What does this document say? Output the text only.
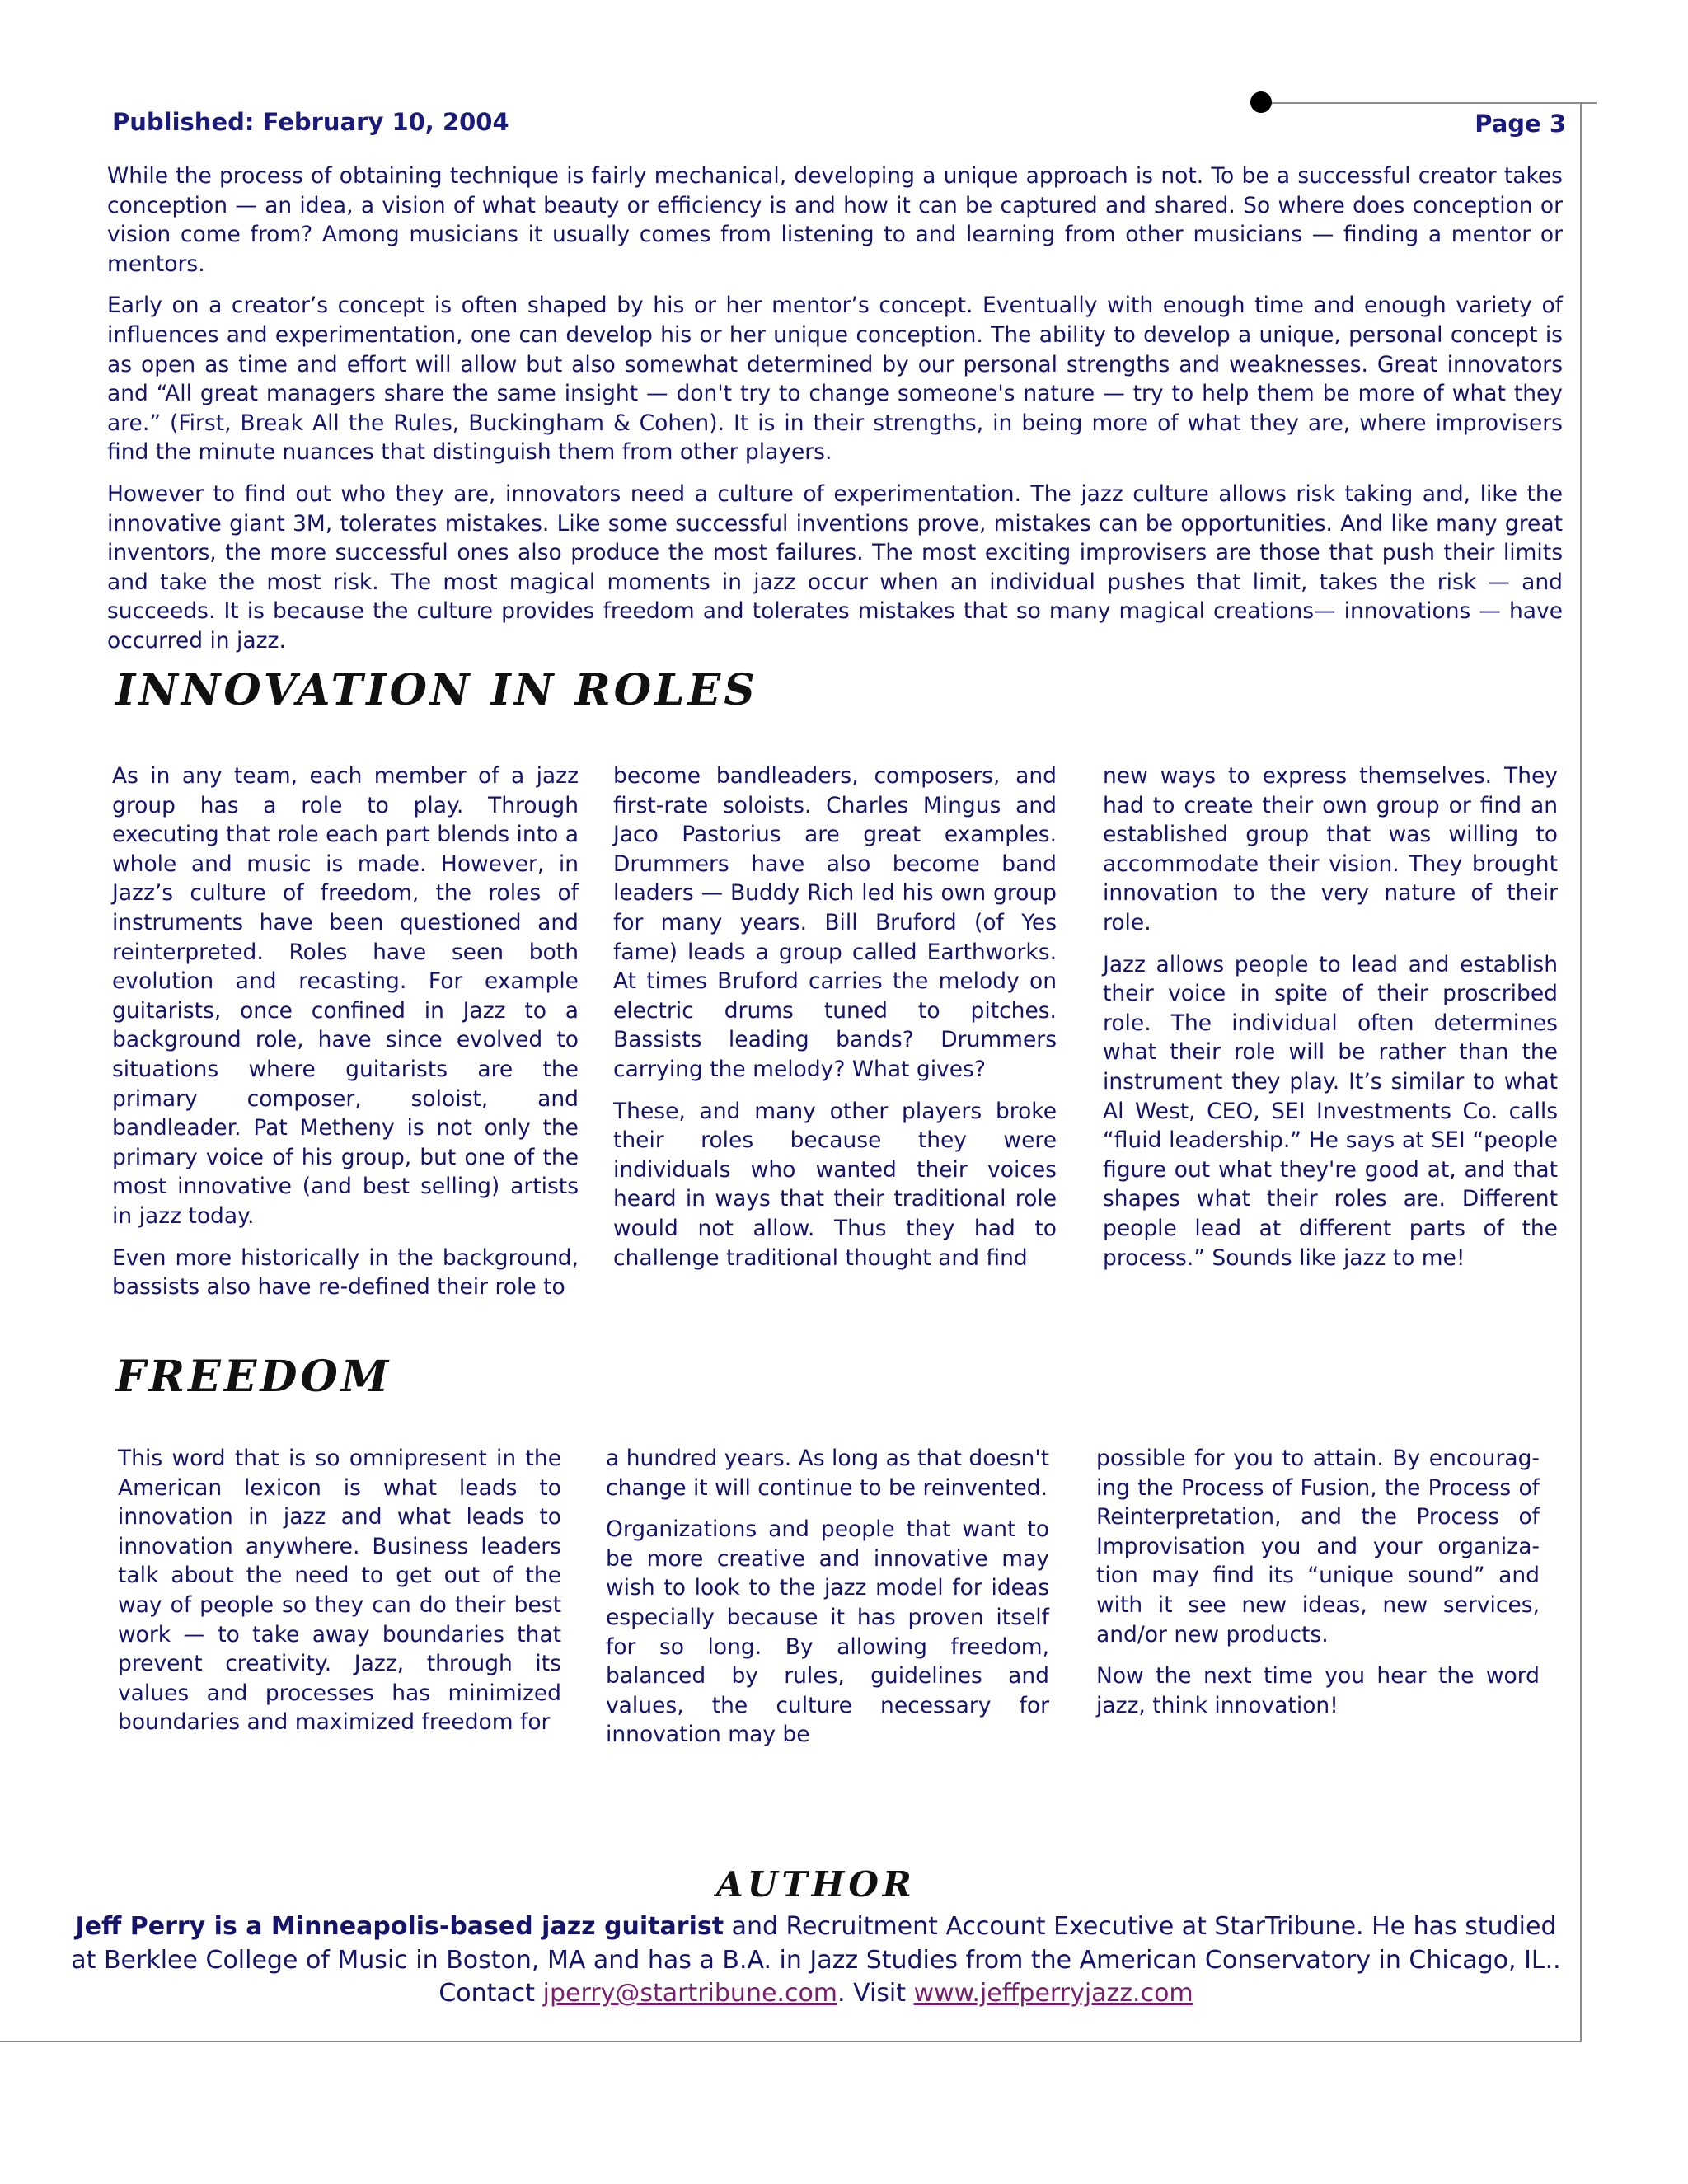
Published: February 10, 2004	Page 3

While the process of obtaining technique is fairly mechanical, developing a unique approach is not. To be a successful creator takes conception — an idea, a vision of what beauty or efficiency is and how it can be captured and shared. So where does conception or vision come from? Among musicians it usually comes from listening to and learning from other musicians — finding a mentor or mentors.

Early on a creator’s concept is often shaped by his or her mentor’s concept. Eventually with enough time and enough variety of influences and experimentation, one can develop his or her unique conception. The ability to develop a unique, personal concept is as open as time and effort will allow but also somewhat determined by our personal strengths and weaknesses. Great innovators and “All great managers share the same insight — don't try to change someone's nature — try to help them be more of what they are.” (First, Break All the Rules, Buckingham & Cohen). It is in their strengths, in being more of what they are, where improvisers find the minute nuances that distinguish them from other players.

However to find out who they are, innovators need a culture of experimentation. The jazz culture allows risk taking and, like the innovative giant 3M, tolerates mistakes. Like some successful inventions prove, mistakes can be opportunities. And like many great inventors, the more successful ones also produce the most failures. The most exciting improvisers are those that push their limits and take the most risk. The most magical moments in jazz occur when an individual pushes that limit, takes the risk — and succeeds. It is because the culture provides freedom and tolerates mistakes that so many magical creations— innovations — have occurred in jazz.

INNOVATION IN ROLES

As in any team, each member of a jazz group has a role to play. Through executing that role each part blends into a whole and music is made. However, in Jazz’s culture of freedom, the roles of instruments have been questioned and reinterpreted. Roles have seen both evolution and recasting. For example guitarists, once confined in Jazz to a background role, have since evolved to situations where guitarists are the primary composer, soloist, and bandleader. Pat Metheny is not only the primary voice of his group, but one of the most innovative (and best selling) artists in jazz today.

Even more historically in the background, bassists also have re-defined their role to

become bandleaders, composers, and first-rate soloists. Charles Mingus and Jaco Pastorius are great examples. Drummers have also become band leaders — Buddy Rich led his own group for many years. Bill Bruford (of Yes fame) leads a group called Earthworks. At times Bruford carries the melody on electric drums tuned to pitches. Bassists leading bands? Drummers carrying the melody? What gives?

These, and many other players broke their roles because they were individuals who wanted their voices heard in ways that their traditional role would not allow. Thus they had to challenge traditional thought and find

new ways to express themselves. They had to create their own group or find an established group that was willing to accommodate their vision. They brought innovation to the very nature of their role.

Jazz allows people to lead and establish their voice in spite of their proscribed role. The individual often determines what their role will be rather than the instrument they play. It’s similar to what Al West, CEO, SEI Investments Co. calls “fluid leadership.” He says at SEI “people figure out what they're good at, and that shapes what their roles are. Different people lead at different parts of the process.” Sounds like jazz to me!

FREEDOM

This word that is so omnipresent in the American lexicon is what leads to innovation in jazz and what leads to innovation anywhere. Business leaders talk about the need to get out of the way of people so they can do their best work — to take away boundaries that prevent creativity. Jazz, through its values and processes has minimized boundaries and maximized freedom for

a hundred years. As long as that doesn't change it will continue to be reinvented.

Organizations and people that want to be more creative and innovative may wish to look to the jazz model for ideas especially because it has proven itself for so long. By allowing freedom, balanced by rules, guidelines and values, the culture necessary for innovation may be

possible for you to attain. By encourag-ing the Process of Fusion, the Process of Reinterpretation, and the Process of Improvisation you and your organiza-tion may find its “unique sound” and with it see new ideas, new services, and/or new products.

Now the next time you hear the word jazz, think innovation!

AUTHOR
Jeff Perry is a Minneapolis-based jazz guitarist and Recruitment Account Executive at StarTribune. He has studied at Berklee College of Music in Boston, MA and has a B.A. in Jazz Studies from the American Conservatory in Chicago, IL.. Contact jperry@startribune.com. Visit www.jeffperryjazz.com
